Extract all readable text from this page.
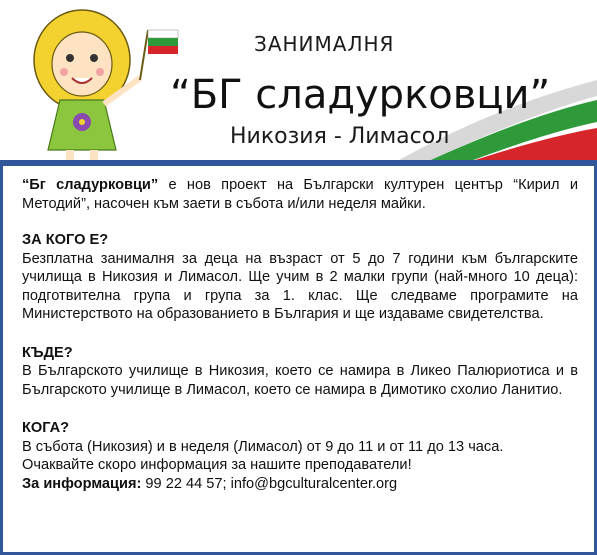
ЗАНИМАЛНЯ
“БГ сладурковци”
Никозия - Лимасол

“Бг сладурковци” е нов проект на Български културен център “Кирил и Методий”, насочен към заети в събота и/или неделя майки.

ЗА КОГО Е?

Безплатна занималня за деца на възраст от 5 до 7 години към българските училища в Никозия и Лимасол. Ще учим в 2 малки групи (най-много 10 деца): подготвителна група и група за 1. клас. Ще следваме програмите на Министерството на образованието в България и ще издаваме свидетелства.

КЪДЕ?

В Българското училище в Никозия, което се намира в Ликео Палюриотиса и в Българското училище в Лимасол, което се намира в Димотико схолио Ланитио.

КОГА?

В събота (Никозия) и в неделя (Лимасол) от 9 до 11 и от 11 до 13 часа.

Очаквайте скоро информация за нашите преподаватели!

За информация: 99 22 44 57; info@bgculturalcenter.org
